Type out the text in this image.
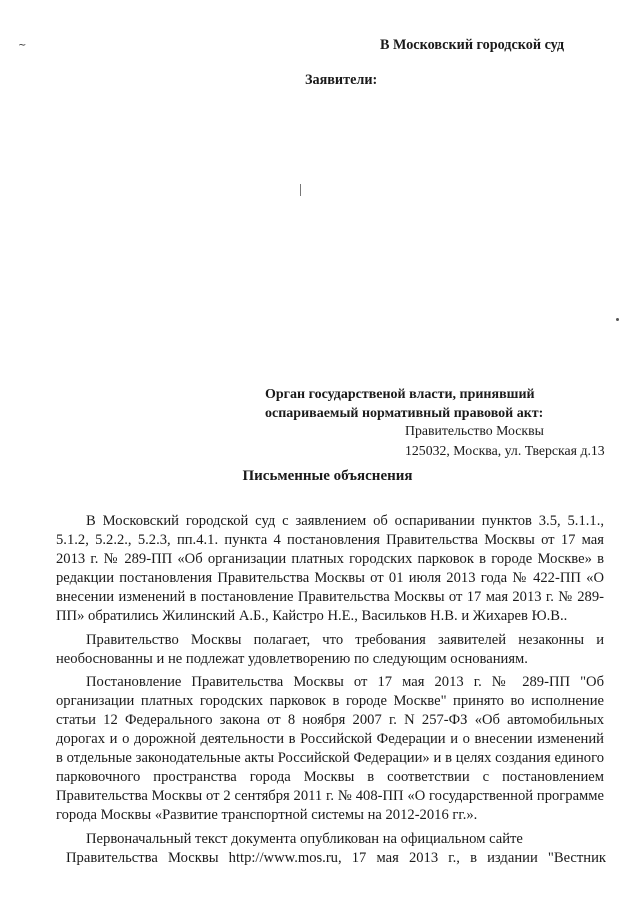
∼	В Московский городской суд
Заявители:
Орган государственой власти, принявший
оспариваемый нормативный правовой акт:
Правительство Москвы
125032, Москва, ул. Тверская д.13
Письменные объяснения

В Московский городской суд с заявлением об оспаривании пунктов 3.5, 5.1.1., 5.1.2, 5.2.2., 5.2.3, пп.4.1. пункта 4 постановления Правительства Москвы от 17 мая 2013 г. № 289-ПП «Об организации платных городских парковок в городе Москве» в редакции постановления Правительства Москвы от 01 июля 2013 года № 422-ПП «О внесении изменений в постановление Правительства Москвы от 17 мая 2013 г. № 289-ПП» обратились Жилинский А.Б., Кайстро Н.Е., Васильков Н.В. и Жихарев Ю.В..

Правительство Москвы полагает, что требования заявителей незаконны и необоснованны и не подлежат удовлетворению по следующим основаниям.

Постановление Правительства Москвы от 17 мая 2013 г. № 289-ПП "Об организации платных городских парковок в городе Москве" принято во исполнение статьи 12 Федерального закона от 8 ноября 2007 г. N 257-ФЗ «Об автомобильных дорогах и о дорожной деятельности в Российской Федерации и о внесении изменений в отдельные законодательные акты Российской Федерации» и в целях создания единого парковочного пространства города Москвы в соответствии с постановлением Правительства Москвы от 2 сентября 2011 г. № 408-ПП «О государственной программе города Москвы «Развитие транспортной системы на 2012-2016 гг.».

Первоначальный текст документа опубликован на официальном сайте

Правительства Москвы http://www.mos.ru, 17 мая 2013 г., в издании "Вестник
